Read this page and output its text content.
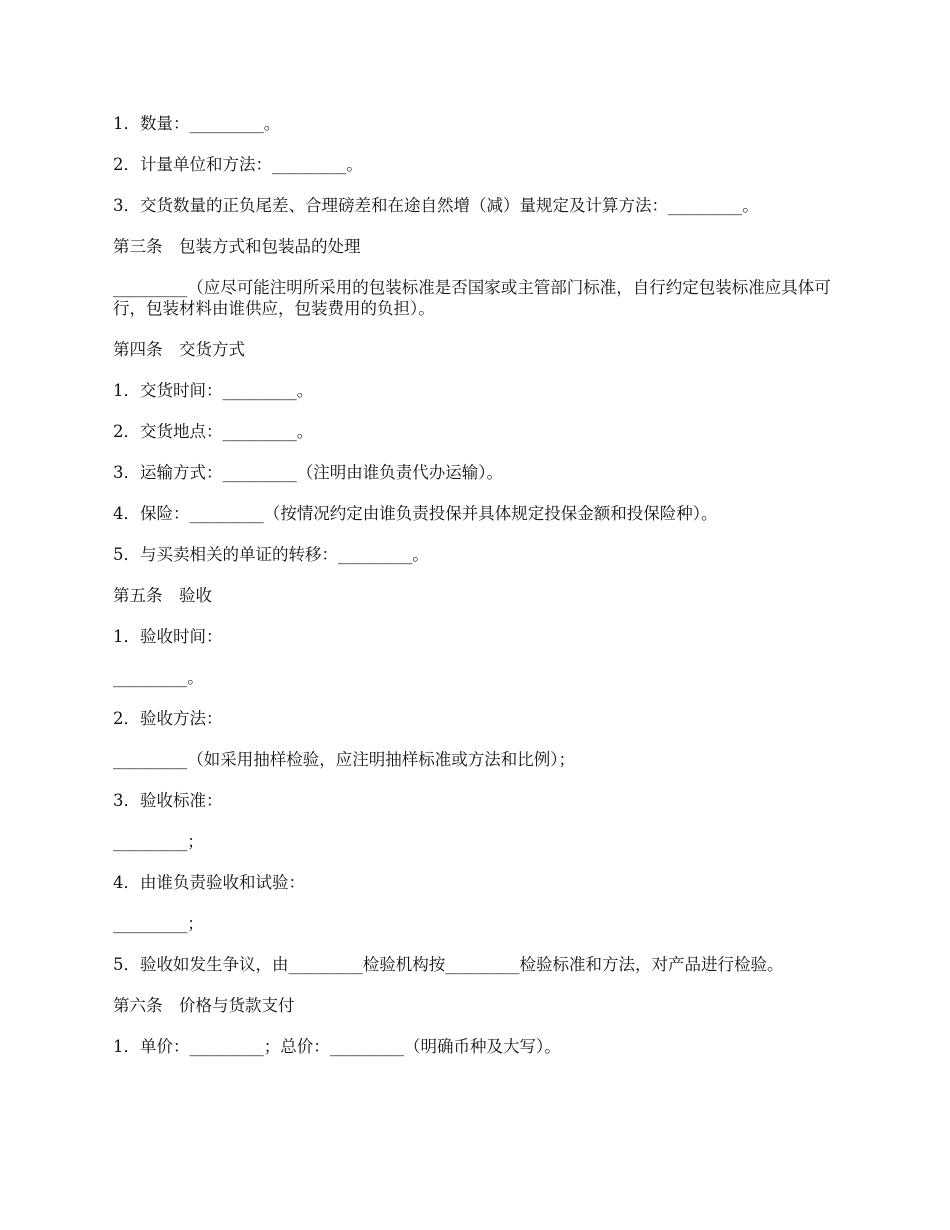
1．数量：_________。

2．计量单位和方法：_________。

3．交货数量的正负尾差、合理磅差和在途自然增（减）量规定及计算方法：_________。

第三条　包装方式和包装品的处理

_________（应尽可能注明所采用的包装标准是否国家或主管部门标准，自行约定包装标准应具体可行，包装材料由谁供应，包装费用的负担）。

第四条　交货方式

1．交货时间：_________。

2．交货地点：_________。

3．运输方式：_________（注明由谁负责代办运输）。

4．保险：_________（按情况约定由谁负责投保并具体规定投保金额和投保险种）。

5．与买卖相关的单证的转移：_________。

第五条　验收

1．验收时间：

_________。

2．验收方法：

_________（如采用抽样检验，应注明抽样标准或方法和比例）；

3．验收标准：

_________；

4．由谁负责验收和试验：

_________；

5．验收如发生争议，由_________检验机构按_________检验标准和方法，对产品进行检验。

第六条　价格与货款支付

1．单价：_________；总价：_________（明确币种及大写）。
